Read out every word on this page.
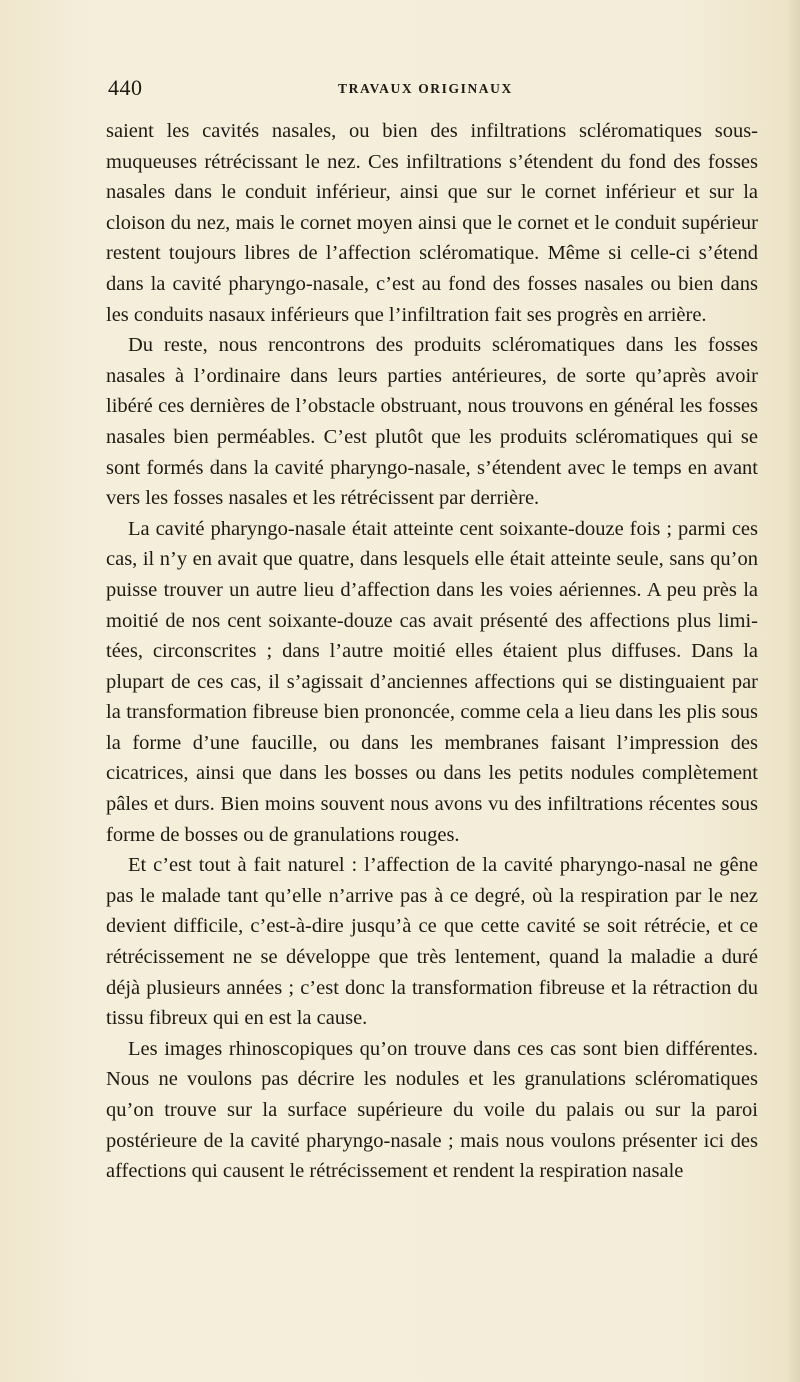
440	TRAVAUX ORIGINAUX

saient les cavités nasales, ou bien des infiltrations scléromatiques sous-muqueuses rétrécissant le nez. Ces infiltrations s’étendent du fond des fosses nasales dans le conduit inférieur, ainsi que sur le cornet inférieur et sur la cloison du nez, mais le cornet moyen ainsi que le cornet et le conduit supérieur restent toujours libres de l’affection scléromatique. Même si celle-ci s’étend dans la cavité pharyngo-nasale, c’est au fond des fosses nasales ou bien dans les conduits nasaux inférieurs que l’infiltration fait ses progrès en arrière.

Du reste, nous rencontrons des produits scléromatiques dans les fosses nasales à l’ordinaire dans leurs parties antérieures, de sorte qu’après avoir libéré ces dernières de l’obstacle obstruant, nous trouvons en général les fosses nasales bien perméables. C’est plutôt que les produits scléromatiques qui se sont formés dans la cavité pharyngo-nasale, s’étendent avec le temps en avant vers les fosses nasales et les rétrécissent par derrière.

La cavité pharyngo-nasale était atteinte cent soixante-douze fois ; parmi ces cas, il n’y en avait que quatre, dans lesquels elle était atteinte seule, sans qu’on puisse trouver un autre lieu d’affection dans les voies aériennes. A peu près la moitié de nos cent soixante-douze cas avait présenté des affections plus limitées, circonscrites ; dans l’autre moitié elles étaient plus diffuses. Dans la plupart de ces cas, il s’agissait d’anciennes affections qui se distinguaient par la transformation fibreuse bien prononcée, comme cela a lieu dans les plis sous la forme d’une faucille, ou dans les membranes faisant l’impression des cicatrices, ainsi que dans les bosses ou dans les petits nodules complètement pâles et durs. Bien moins souvent nous avons vu des infiltrations récentes sous forme de bosses ou de granulations rouges.

Et c’est tout à fait naturel : l’affection de la cavité pharyngo-nasal ne gêne pas le malade tant qu’elle n’arrive pas à ce degré, où la respiration par le nez devient difficile, c’est-à-dire jusqu’à ce que cette cavité se soit rétrécie, et ce rétrécissement ne se développe que très lentement, quand la maladie a duré déjà plusieurs années ; c’est donc la transformation fibreuse et la rétraction du tissu fibreux qui en est la cause.

Les images rhinoscopiques qu’on trouve dans ces cas sont bien différentes. Nous ne voulons pas décrire les nodules et les granulations scléromatiques qu’on trouve sur la surface supérieure du voile du palais ou sur la paroi postérieure de la cavité pharyngo-nasale ; mais nous voulons présenter ici des affections qui causent le rétrécissement et rendent la respiration nasale
